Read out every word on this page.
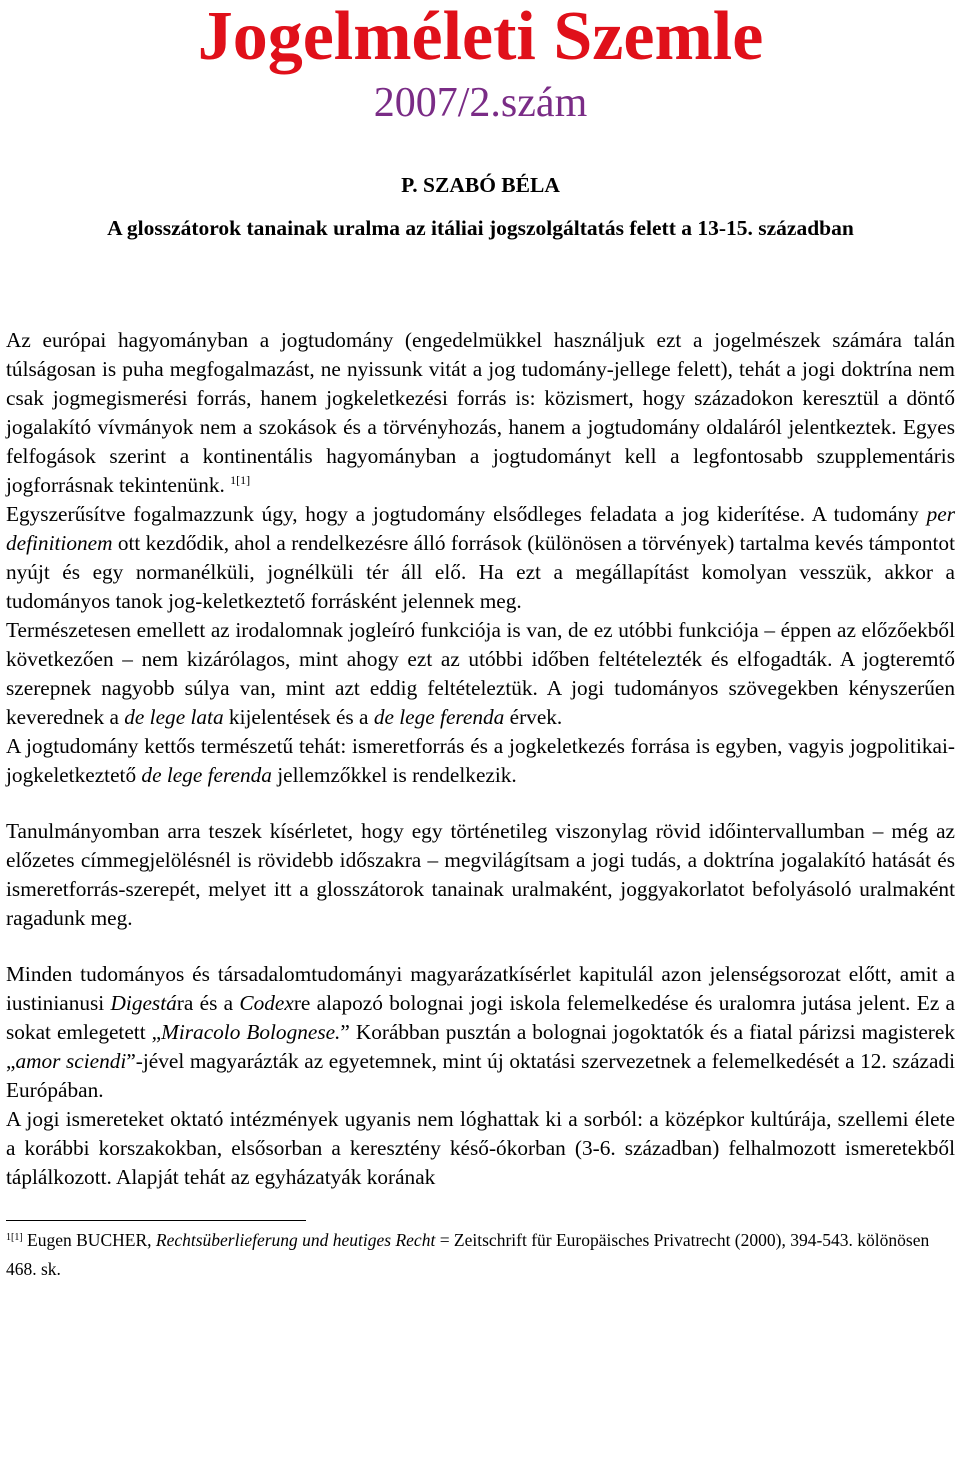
Jogelméleti Szemle
2007/2.szám
P. SZABÓ BÉLA
A glosszátorok tanainak uralma az itáliai jogszolgáltatás felett a 13-15. században

Az európai hagyományban a jogtudomány (engedelmükkel használjuk ezt a jogelmészek számára talán túlságosan is puha megfogalmazást, ne nyissunk vitát a jog tudomány-jellege felett), tehát a jogi doktrína nem csak jogmegismerési forrás, hanem jogkeletkezési forrás is: közismert, hogy századokon keresztül a döntő jogalakító vívmányok nem a szokások és a törvényhozás, hanem a jogtudomány oldaláról jelentkeztek. Egyes felfogások szerint a kontinentális hagyományban a jogtudományt kell a legfontosabb szupplementáris jogforrásnak tekintenünk. $^{1[1]}$

Egyszerűsítve fogalmazzunk úgy, hogy a jogtudomány elsődleges feladata a jog kiderítése. A tudomány per definitionem ott kezdődik, ahol a rendelkezésre álló források (különösen a törvények) tartalma kevés támpontot nyújt és egy normanélküli, jognélküli tér áll elő. Ha ezt a megállapítást komolyan vesszük, akkor a tudományos tanok jog-keletkeztető forrásként jelennek meg.

Természetesen emellett az irodalomnak jogleíró funkciója is van, de ez utóbbi funkciója – éppen az előzőekből következően – nem kizárólagos, mint ahogy ezt az utóbbi időben feltételezték és elfogadták. A jogteremtő szerepnek nagyobb súlya van, mint azt eddig feltételeztük. A jogi tudományos szövegekben kényszerűen keverednek a de lege lata kijelentések és a de lege ferenda érvek.

A jogtudomány kettős természetű tehát: ismeretforrás és a jogkeletkezés forrása is egyben, vagyis jogpolitikai-jogkeletkeztető de lege ferenda jellemzőkkel is rendelkezik.

Tanulmányomban arra teszek kísérletet, hogy egy történetileg viszonylag rövid időintervallumban – még az előzetes címmegjelölésnél is rövidebb időszakra – megvilágítsam a jogi tudás, a doktrína jogalakító hatását és ismeretforrás-szerepét, melyet itt a glosszátorok tanainak uralmaként, joggyakorlatot befolyásoló uralmaként ragadunk meg.

Minden tudományos és társadalomtudományi magyarázatkísérlet kapitulál azon jelenségsorozat előtt, amit a iustinianusi Digestára és a Codexre alapozó bolognai jogi iskola felemelkedése és uralomra jutása jelent. Ez a sokat emlegetett „Miracolo Bolognese.” Korábban pusztán a bolognai jogoktatók és a fiatal párizsi magisterek „amor sciendi”-jével magyarázták az egyetemnek, mint új oktatási szervezetnek a felemelkedését a 12. századi Európában.

A jogi ismereteket oktató intézmények ugyanis nem lóghattak ki a sorból: a középkor kultúrája, szellemi élete a korábbi korszakokban, elsősorban a keresztény késő-ókorban (3-6. században) felhalmozott ismeretekből táplálkozott. Alapját tehát az egyházatyák korának

$^{1[1]}$ Eugen BUCHER, Rechtsüberlieferung und heutiges Recht = Zeitschrift für Europäisches Privatrecht (2000), 394-543. kölönösen 468. sk.
